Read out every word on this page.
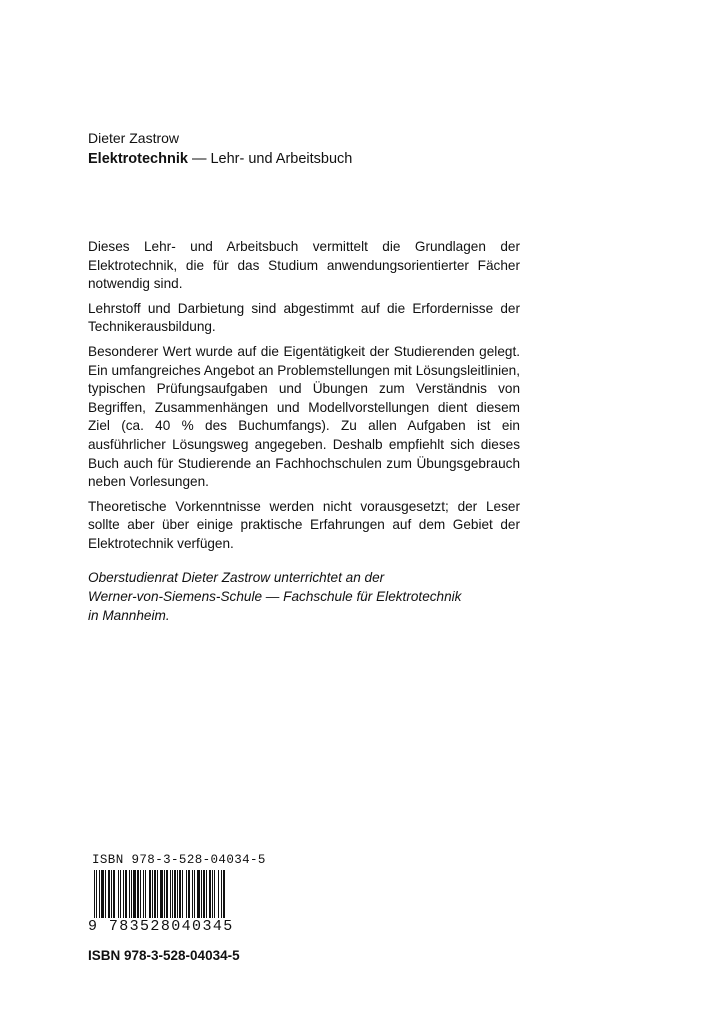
Dieter Zastrow
Elektrotechnik — Lehr- und Arbeitsbuch

Dieses Lehr- und Arbeitsbuch vermittelt die Grundlagen der Elektrotechnik, die für das Studium anwendungsorientierter Fächer notwendig sind.

Lehrstoff und Darbietung sind abgestimmt auf die Erfordernisse der Technikerausbildung.

Besonderer Wert wurde auf die Eigentätigkeit der Studierenden gelegt. Ein umfangreiches Angebot an Problemstellungen mit Lösungsleitlinien, typischen Prüfungsaufgaben und Übungen zum Verständnis von Begriffen, Zusammenhängen und Modellvorstellungen dient diesem Ziel (ca. 40 % des Buchumfangs). Zu allen Aufgaben ist ein ausführlicher Lösungsweg angegeben. Deshalb empfiehlt sich dieses Buch auch für Studierende an Fachhochschulen zum Übungsgebrauch neben Vorlesungen.

Theoretische Vorkenntnisse werden nicht vorausgesetzt; der Leser sollte aber über einige praktische Erfahrungen auf dem Gebiet der Elektrotechnik verfügen.

Oberstudienrat Dieter Zastrow unterrichtet an der
Werner-von-Siemens-Schule — Fachschule für Elektrotechnik
in Mannheim.
ISBN 978-3-528-04034-5
9 783528040345
ISBN 978-3-528-04034-5
